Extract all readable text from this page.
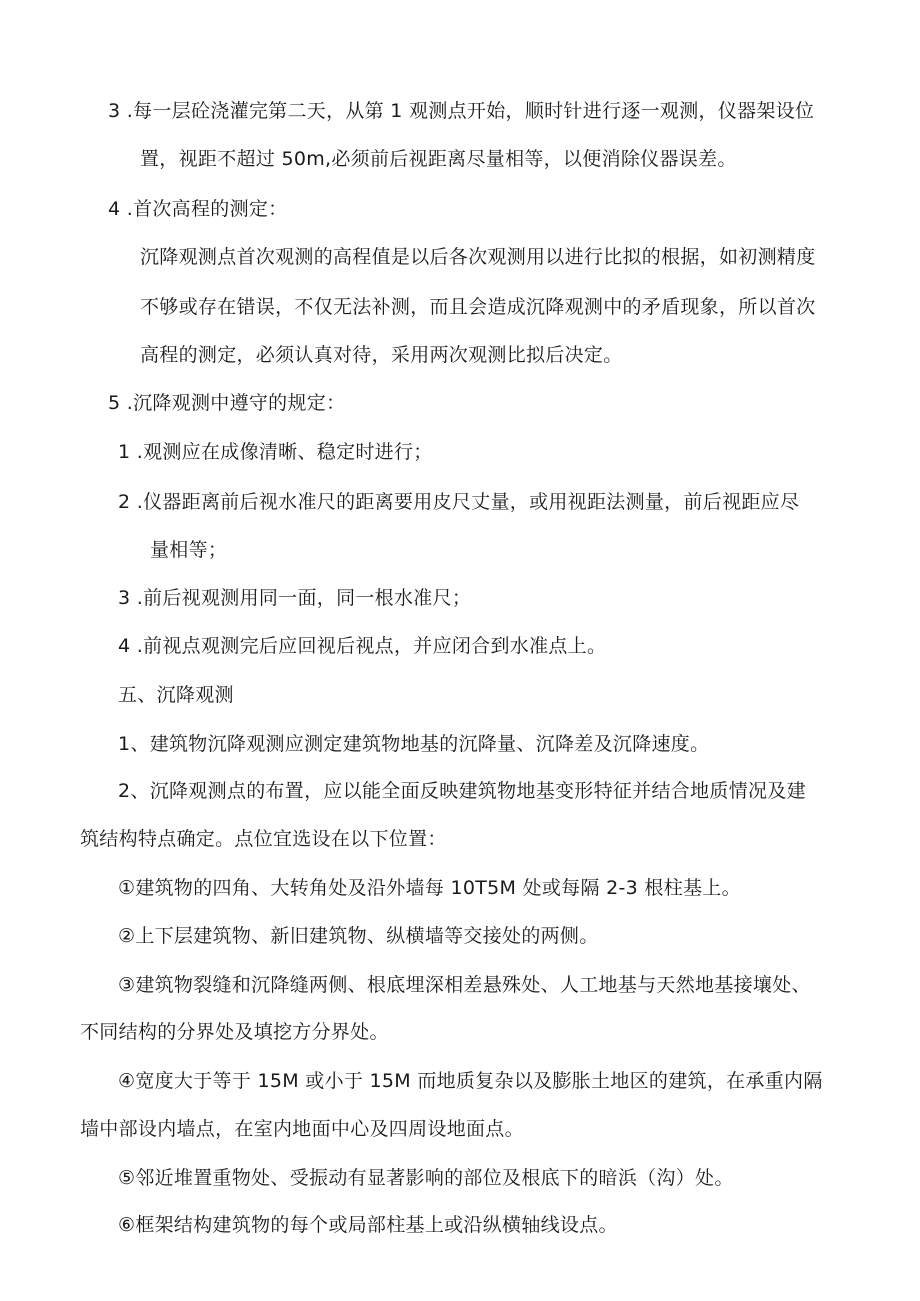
3 .每一层砼浇灌完第二天，从第 1 观测点开始，顺时针进行逐一观测，仪器架设位
置，视距不超过 50m,必须前后视距离尽量相等，以便消除仪器误差。
4 .首次高程的测定：
沉降观测点首次观测的高程值是以后各次观测用以进行比拟的根据，如初测精度
不够或存在错误，不仅无法补测，而且会造成沉降观测中的矛盾现象，所以首次
高程的测定，必须认真对待，采用两次观测比拟后决定。
5 .沉降观测中遵守的规定：
1 .观测应在成像清晰、稳定时进行；
2 .仪器距离前后视水准尺的距离要用皮尺丈量，或用视距法测量，前后视距应尽
量相等；
3 .前后视观测用同一面，同一根水准尺；
4 .前视点观测完后应回视后视点，并应闭合到水准点上。
五、沉降观测
1、建筑物沉降观测应测定建筑物地基的沉降量、沉降差及沉降速度。
2、沉降观测点的布置，应以能全面反映建筑物地基变形特征并结合地质情况及建
筑结构特点确定。点位宜选设在以下位置：
①建筑物的四角、大转角处及沿外墙每 10T5M 处或每隔 2-3 根柱基上。
②上下层建筑物、新旧建筑物、纵横墙等交接处的两侧。
③建筑物裂缝和沉降缝两侧、根底埋深相差悬殊处、人工地基与天然地基接壤处、
不同结构的分界处及填挖方分界处。
④宽度大于等于 15M 或小于 15M 而地质复杂以及膨胀土地区的建筑，在承重内隔
墙中部设内墙点，在室内地面中心及四周设地面点。
⑤邻近堆置重物处、受振动有显著影响的部位及根底下的暗浜（沟）处。
⑥框架结构建筑物的每个或局部柱基上或沿纵横轴线设点。
